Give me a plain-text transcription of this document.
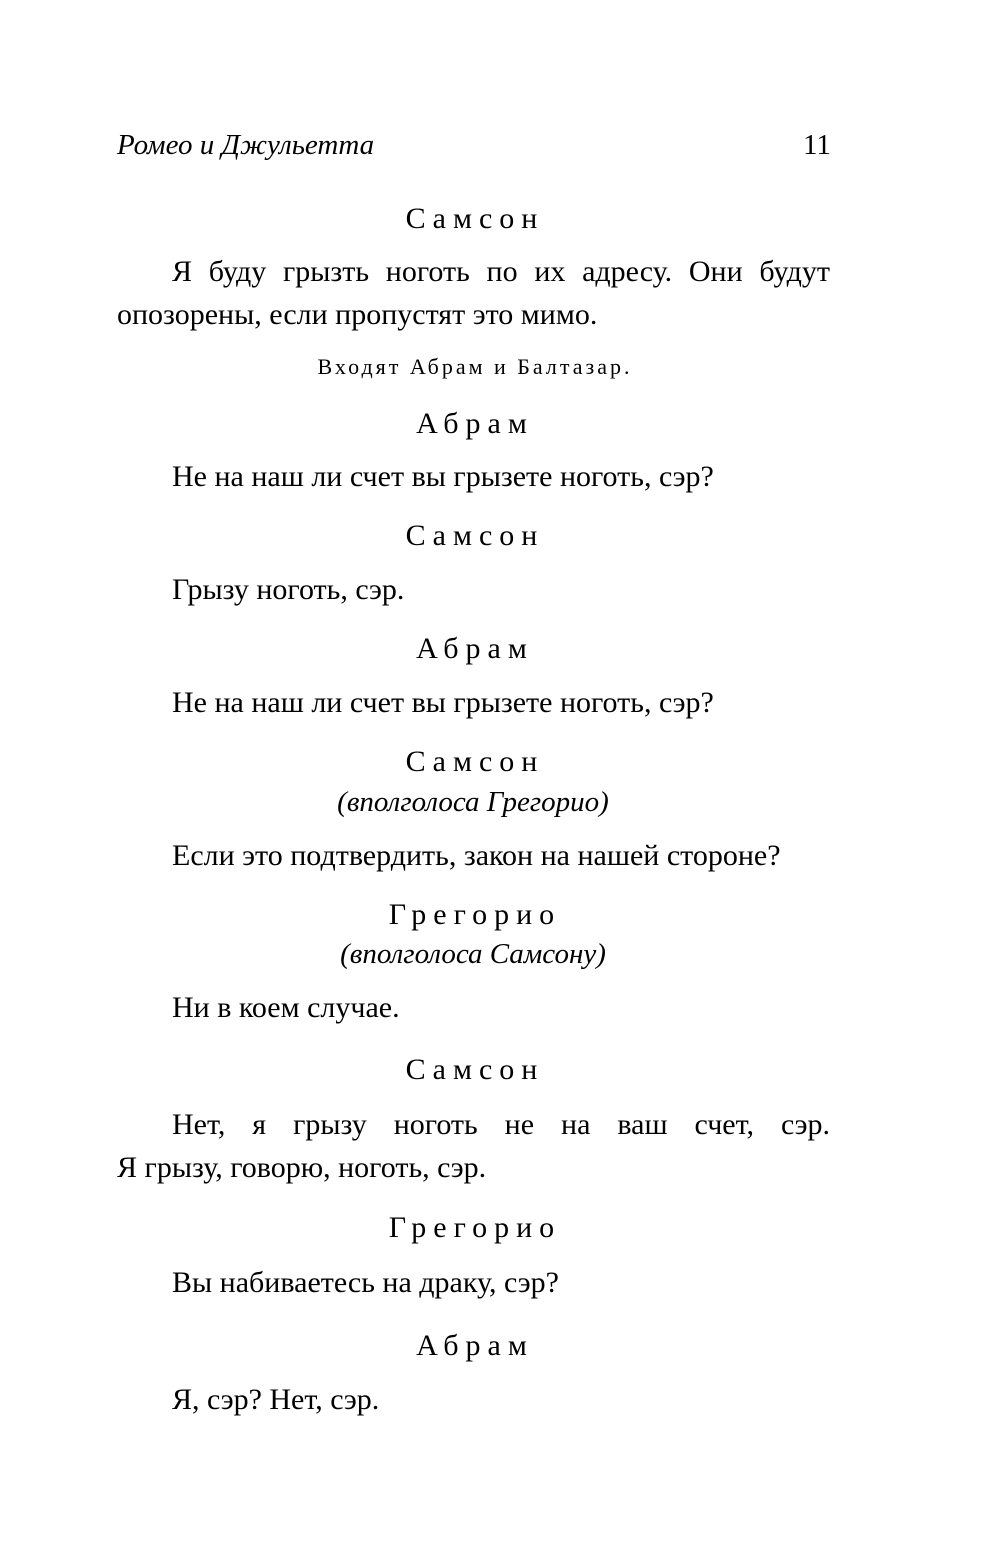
Ромео и Джульетта	11
Самсон
Я буду грызть ноготь по их адресу. Они будут
опозорены, если пропустят это мимо.
Входят Абрам и Балтазар.
Абрам
Не на наш ли счет вы грызете ноготь, сэр?
Самсон
Грызу ноготь, сэр.
Абрам
Не на наш ли счет вы грызете ноготь, сэр?
Самсон
(вполголоса Грегорио)
Если это подтвердить, закон на нашей стороне?
Грегорио
(вполголоса Самсону)
Ни в коем случае.
Самсон
Нет, я грызу ноготь не на ваш счет, сэр.
Я грызу, говорю, ноготь, сэр.
Грегорио
Вы набиваетесь на драку, сэр?
Абрам
Я, сэр? Нет, сэр.
